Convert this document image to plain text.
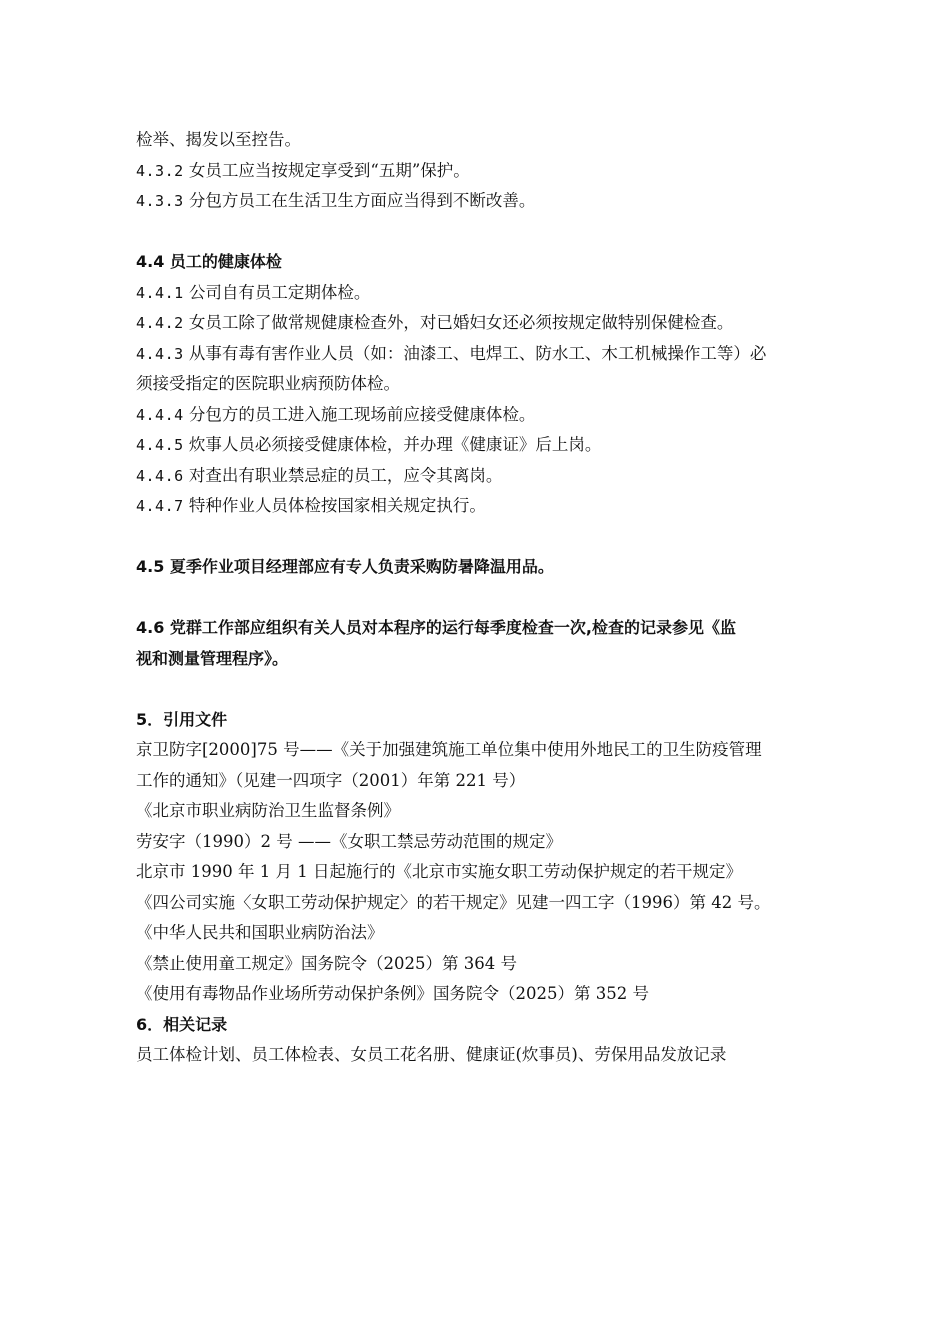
检举、揭发以至控告。
4.3.2 女员工应当按规定享受到“五期”保护。
4.3.3 分包方员工在生活卫生方面应当得到不断改善。
4.4 员工的健康体检
4.4.1 公司自有员工定期体检。
4.4.2 女员工除了做常规健康检查外，对已婚妇女还必须按规定做特别保健检查。
4.4.3 从事有毒有害作业人员（如：油漆工、电焊工、防水工、木工机械操作工等）必
须接受指定的医院职业病预防体检。
4.4.4 分包方的员工进入施工现场前应接受健康体检。
4.4.5 炊事人员必须接受健康体检，并办理《健康证》后上岗。
4.4.6 对查出有职业禁忌症的员工，应令其离岗。
4.4.7 特种作业人员体检按国家相关规定执行。
4.5 夏季作业项目经理部应有专人负责采购防暑降温用品。
4.6 党群工作部应组织有关人员对本程序的运行每季度检查一次,检查的记录参见《监
视和测量管理程序》。
5．引用文件
京卫防字[2000]75 号——《关于加强建筑施工单位集中使用外地民工的卫生防疫管理
工作的通知》（见建一四项字（2001）年第 221 号）
《北京市职业病防治卫生监督条例》
劳安字（1990）2 号 ——《女职工禁忌劳动范围的规定》
北京市 1990 年 1 月 1 日起施行的《北京市实施女职工劳动保护规定的若干规定》
《四公司实施〈女职工劳动保护规定〉的若干规定》见建一四工字（1996）第 42 号。
《中华人民共和国职业病防治法》
《禁止使用童工规定》国务院令（2025）第 364 号
《使用有毒物品作业场所劳动保护条例》国务院令（2025）第 352 号
6．相关记录
员工体检计划、员工体检表、女员工花名册、健康证(炊事员)、劳保用品发放记录
